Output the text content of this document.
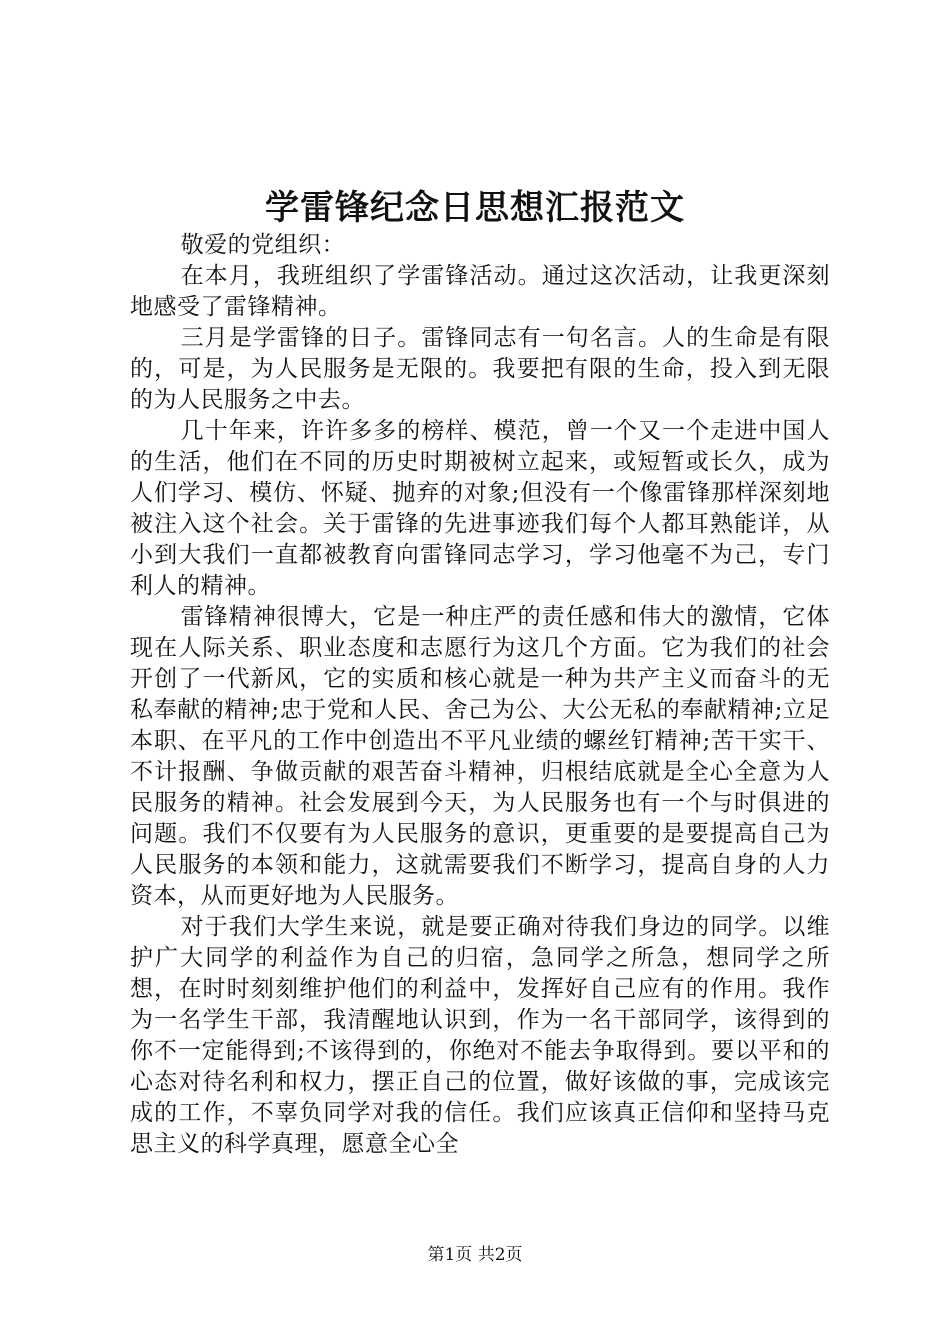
学雷锋纪念日思想汇报范文

敬爱的党组织：

在本月，我班组织了学雷锋活动。通过这次活动，让我更深刻地感受了雷锋精神。

三月是学雷锋的日子。雷锋同志有一句名言。人的生命是有限的，可是，为人民服务是无限的。我要把有限的生命，投入到无限的为人民服务之中去。

几十年来，许许多多的榜样、模范，曾一个又一个走进中国人的生活，他们在不同的历史时期被树立起来，或短暂或长久，成为人们学习、模仿、怀疑、抛弃的对象;但没有一个像雷锋那样深刻地被注入这个社会。关于雷锋的先进事迹我们每个人都耳熟能详，从小到大我们一直都被教育向雷锋同志学习，学习他毫不为己，专门利人的精神。

雷锋精神很博大，它是一种庄严的责任感和伟大的激情，它体现在人际关系、职业态度和志愿行为这几个方面。它为我们的社会开创了一代新风，它的实质和核心就是一种为共产主义而奋斗的无私奉献的精神;忠于党和人民、舍己为公、大公无私的奉献精神;立足本职、在平凡的工作中创造出不平凡业绩的螺丝钉精神;苦干实干、不计报酬、争做贡献的艰苦奋斗精神，归根结底就是全心全意为人民服务的精神。社会发展到今天，为人民服务也有一个与时俱进的问题。我们不仅要有为人民服务的意识，更重要的是要提高自己为人民服务的本领和能力，这就需要我们不断学习，提高自身的人力资本，从而更好地为人民服务。

对于我们大学生来说，就是要正确对待我们身边的同学。以维护广大同学的利益作为自己的归宿，急同学之所急，想同学之所想，在时时刻刻维护他们的利益中，发挥好自己应有的作用。我作为一名学生干部，我清醒地认识到，作为一名干部同学，该得到的你不一定能得到;不该得到的，你绝对不能去争取得到。要以平和的心态对待名利和权力，摆正自己的位置，做好该做的事，完成该完成的工作，不辜负同学对我的信任。我们应该真正信仰和坚持马克思主义的科学真理，愿意全心全

第1页 共2页
